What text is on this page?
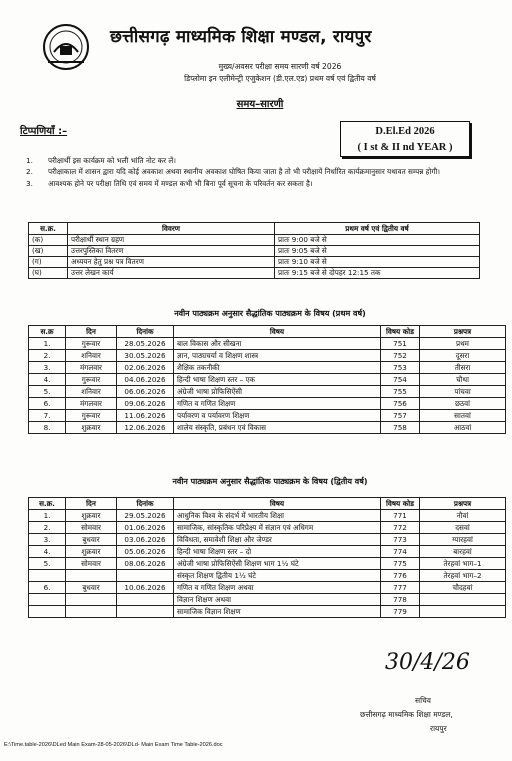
छत्तीसगढ़ माध्यमिक शिक्षा मण्डल, रायपुर
मुख्य/अवसर परीक्षा समय सारणी वर्ष 2026
डिप्लोमा इन एलीमेन्ट्री एजुकेशन (डी.एल.एड) प्रथम वर्ष एवं द्वितीय वर्ष
समय–सारणी
टिप्पणियाँ :–	D.El.Ed 2026
( I st & II nd YEAR )
1.	परीक्षार्थी इस कार्यक्रम को भली भांति नोट कर लें।
2.	परीक्षाकाल में शासन द्वारा यदि कोई अवकाश अथवा स्थानीय अवकाश घोषित किया जाता है तो भी परीक्षायें निर्धारित कार्यक्रमानुसार यथावत सम्पन्न होगी।
3.	आवश्यक होने पर परीक्षा तिथि एवं समय में मण्डल कभी भी बिना पूर्व सूचना के परिवर्तन कर सकता है।
स.क्र.	विवरण	प्रथम वर्ष एवं द्वितीय वर्ष
(क)	परीक्षार्थी स्थान ग्रहण	प्रातः 9:00 बजे से
(ख)	उत्तरपुस्तिका वितरण	प्रातः 9:05 बजे से
(ग)	अध्ययन हेतु प्रश्न पत्र वितरण	प्रातः 9:10 बजे से
(घ)	उत्तर लेखन कार्य	प्रातः 9:15 बजे से दोपहर 12:15 तक
नवीन पाठ्यक्रम अनुसार सैद्धांतिक पाठ्यक्रम के विषय (प्रथम वर्ष)
स.क्र	दिन	दिनांक	विषय	विषय कोड	प्रश्नपत्र
1.	गुरूवार	28.05.2026	बाल विकास और सीखना	751	प्रथम
2.	शनिवार	30.05.2026	ज्ञान, पाठ्यचर्या व शिक्षण शास्त्र	752	दूसरा
3.	मंगलवार	02.06.2026	शैक्षिक तकनीकी	753	तीसरा
4.	गुरूवार	04.06.2026	हिन्दी भाषा शिक्षण स्तर – एक	754	चौथा
5.	शनिवार	06.06.2026	अंग्रेजी भाषा प्रोफिसिऐंसी	755	पांचवा
6.	मंगलवार	09.06.2026	गणित व गणित शिक्षण	756	छठवां
7.	गुरूवार	11.06.2026	पर्यावरण व पर्यावरण शिक्षण	757	सातवां
8.	शुक्रवार	12.06.2026	शालेय संस्कृति, प्रबंधन एवं विकास	758	आठवां
नवीन पाठ्यक्रम अनुसार सैद्धांतिक पाठ्यक्रम के विषय (द्वितीय वर्ष)
स.क्र.	दिन	दिनांक	विषय	विषय कोड	प्रश्नपत्र
1.	शुक्रवार	29.05.2026	आधुनिक विश्व के संदर्भ में भारतीय शिक्षा	771	नौवां
2.	सोमवार	01.06.2026	सामाजिक, सांस्कृतिक परिप्रेक्ष्य में संज्ञान एवं अधिगम	772	दसवां
3.	बुधवार	03.06.2026	विविधता, समावेशी शिक्षा और जेण्डर	773	ग्यारहवां
4.	शुक्रवार	05.06.2026	हिन्दी भाषा शिक्षण स्तर – दो	774	बारहवां
5.	सोमवार	08.06.2026	अंग्रेजी भाषा प्रोफिसिऐंसी शिक्षण भाग 1½ घंटे	775	तेरहवां भाग–1
			संस्कृत शिक्षण द्वितीय 1½ घंटे	776	तेरहवां भाग–2
6.	बुधवार	10.06.2026	गणित व गणित शिक्षण अथवा	777	चौदहवां
			विज्ञान शिक्षण अथवा	778	
			सामाजिक विज्ञान शिक्षण	779	
30/4/26
सचिव
छत्तीसगढ़ माध्यमिक शिक्षा मण्डल,
रायपुर
E:\Time.table-2026\DLed Main Exam-28-05-2026\DLd- Main Exam Time Table-2026.doc
